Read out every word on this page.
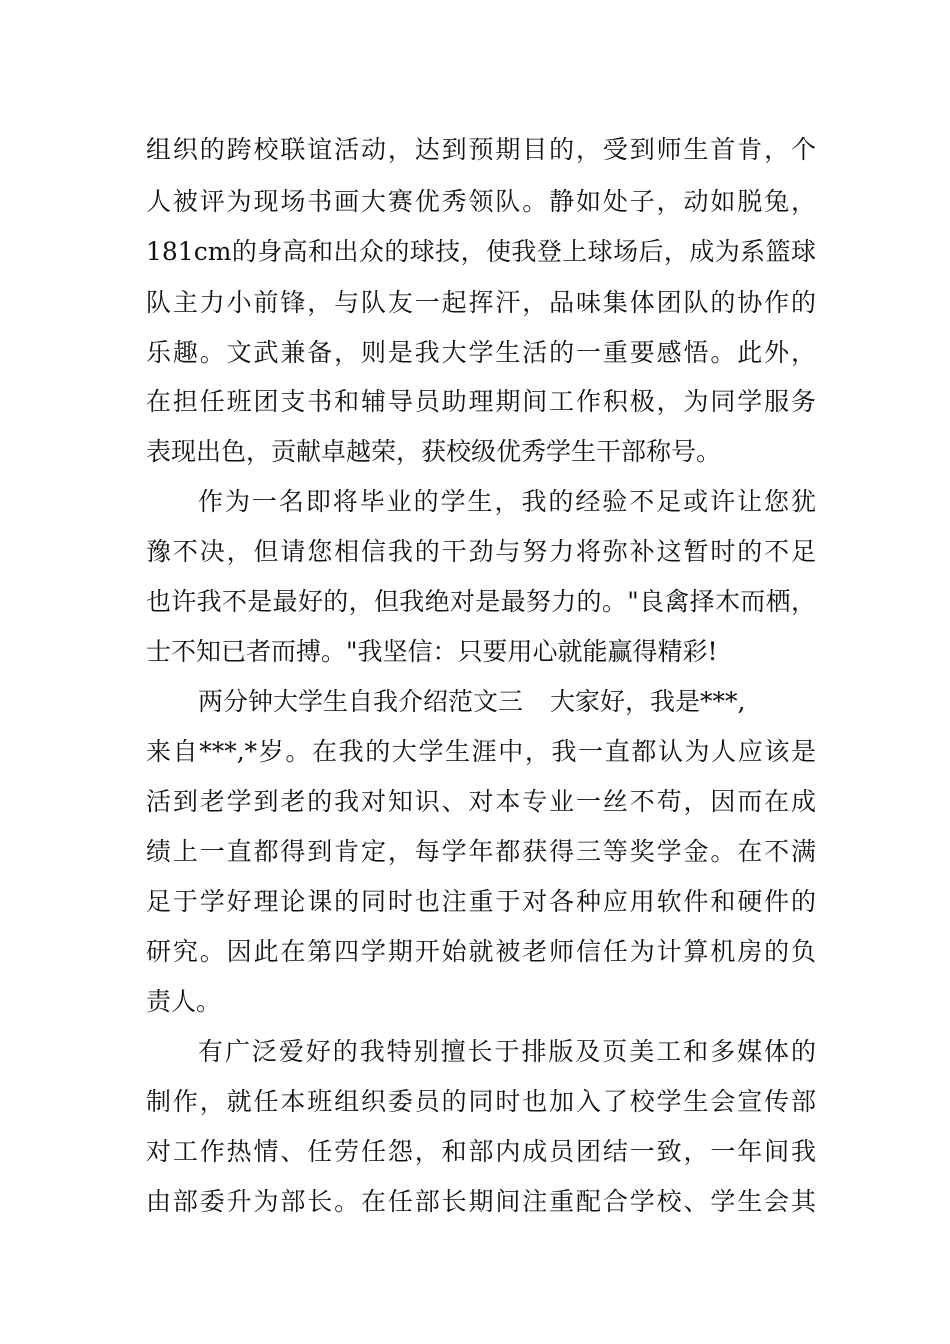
组织的跨校联谊活动，达到预期目的，受到师生首肯，个
人被评为现场书画大赛优秀领队。静如处子，动如脱兔，
181cm的身高和出众的球技，使我登上球场后，成为系篮球
队主力小前锋，与队友一起挥汗，品味集体团队的协作的
乐趣。文武兼备，则是我大学生活的一重要感悟。此外，
在担任班团支书和辅导员助理期间工作积极，为同学服务
表现出色，贡献卓越荣，获校级优秀学生干部称号。
作为一名即将毕业的学生，我的经验不足或许让您犹
豫不决，但请您相信我的干劲与努力将弥补这暂时的不足
也许我不是最好的，但我绝对是最努力的。"良禽择木而栖，
士不知已者而搏。"我坚信：只要用心就能赢得精彩!
两分钟大学生自我介绍范文三 大家好，我是***,
来自***,*岁。在我的大学生涯中，我一直都认为人应该是
活到老学到老的我对知识、对本专业一丝不苟，因而在成
绩上一直都得到肯定，每学年都获得三等奖学金。在不满
足于学好理论课的同时也注重于对各种应用软件和硬件的
研究。因此在第四学期开始就被老师信任为计算机房的负
责人。
有广泛爱好的我特别擅长于排版及页美工和多媒体的
制作，就任本班组织委员的同时也加入了校学生会宣传部
对工作热情、任劳任怨，和部内成员团结一致，一年间我
由部委升为部长。在任部长期间注重配合学校、学生会其
